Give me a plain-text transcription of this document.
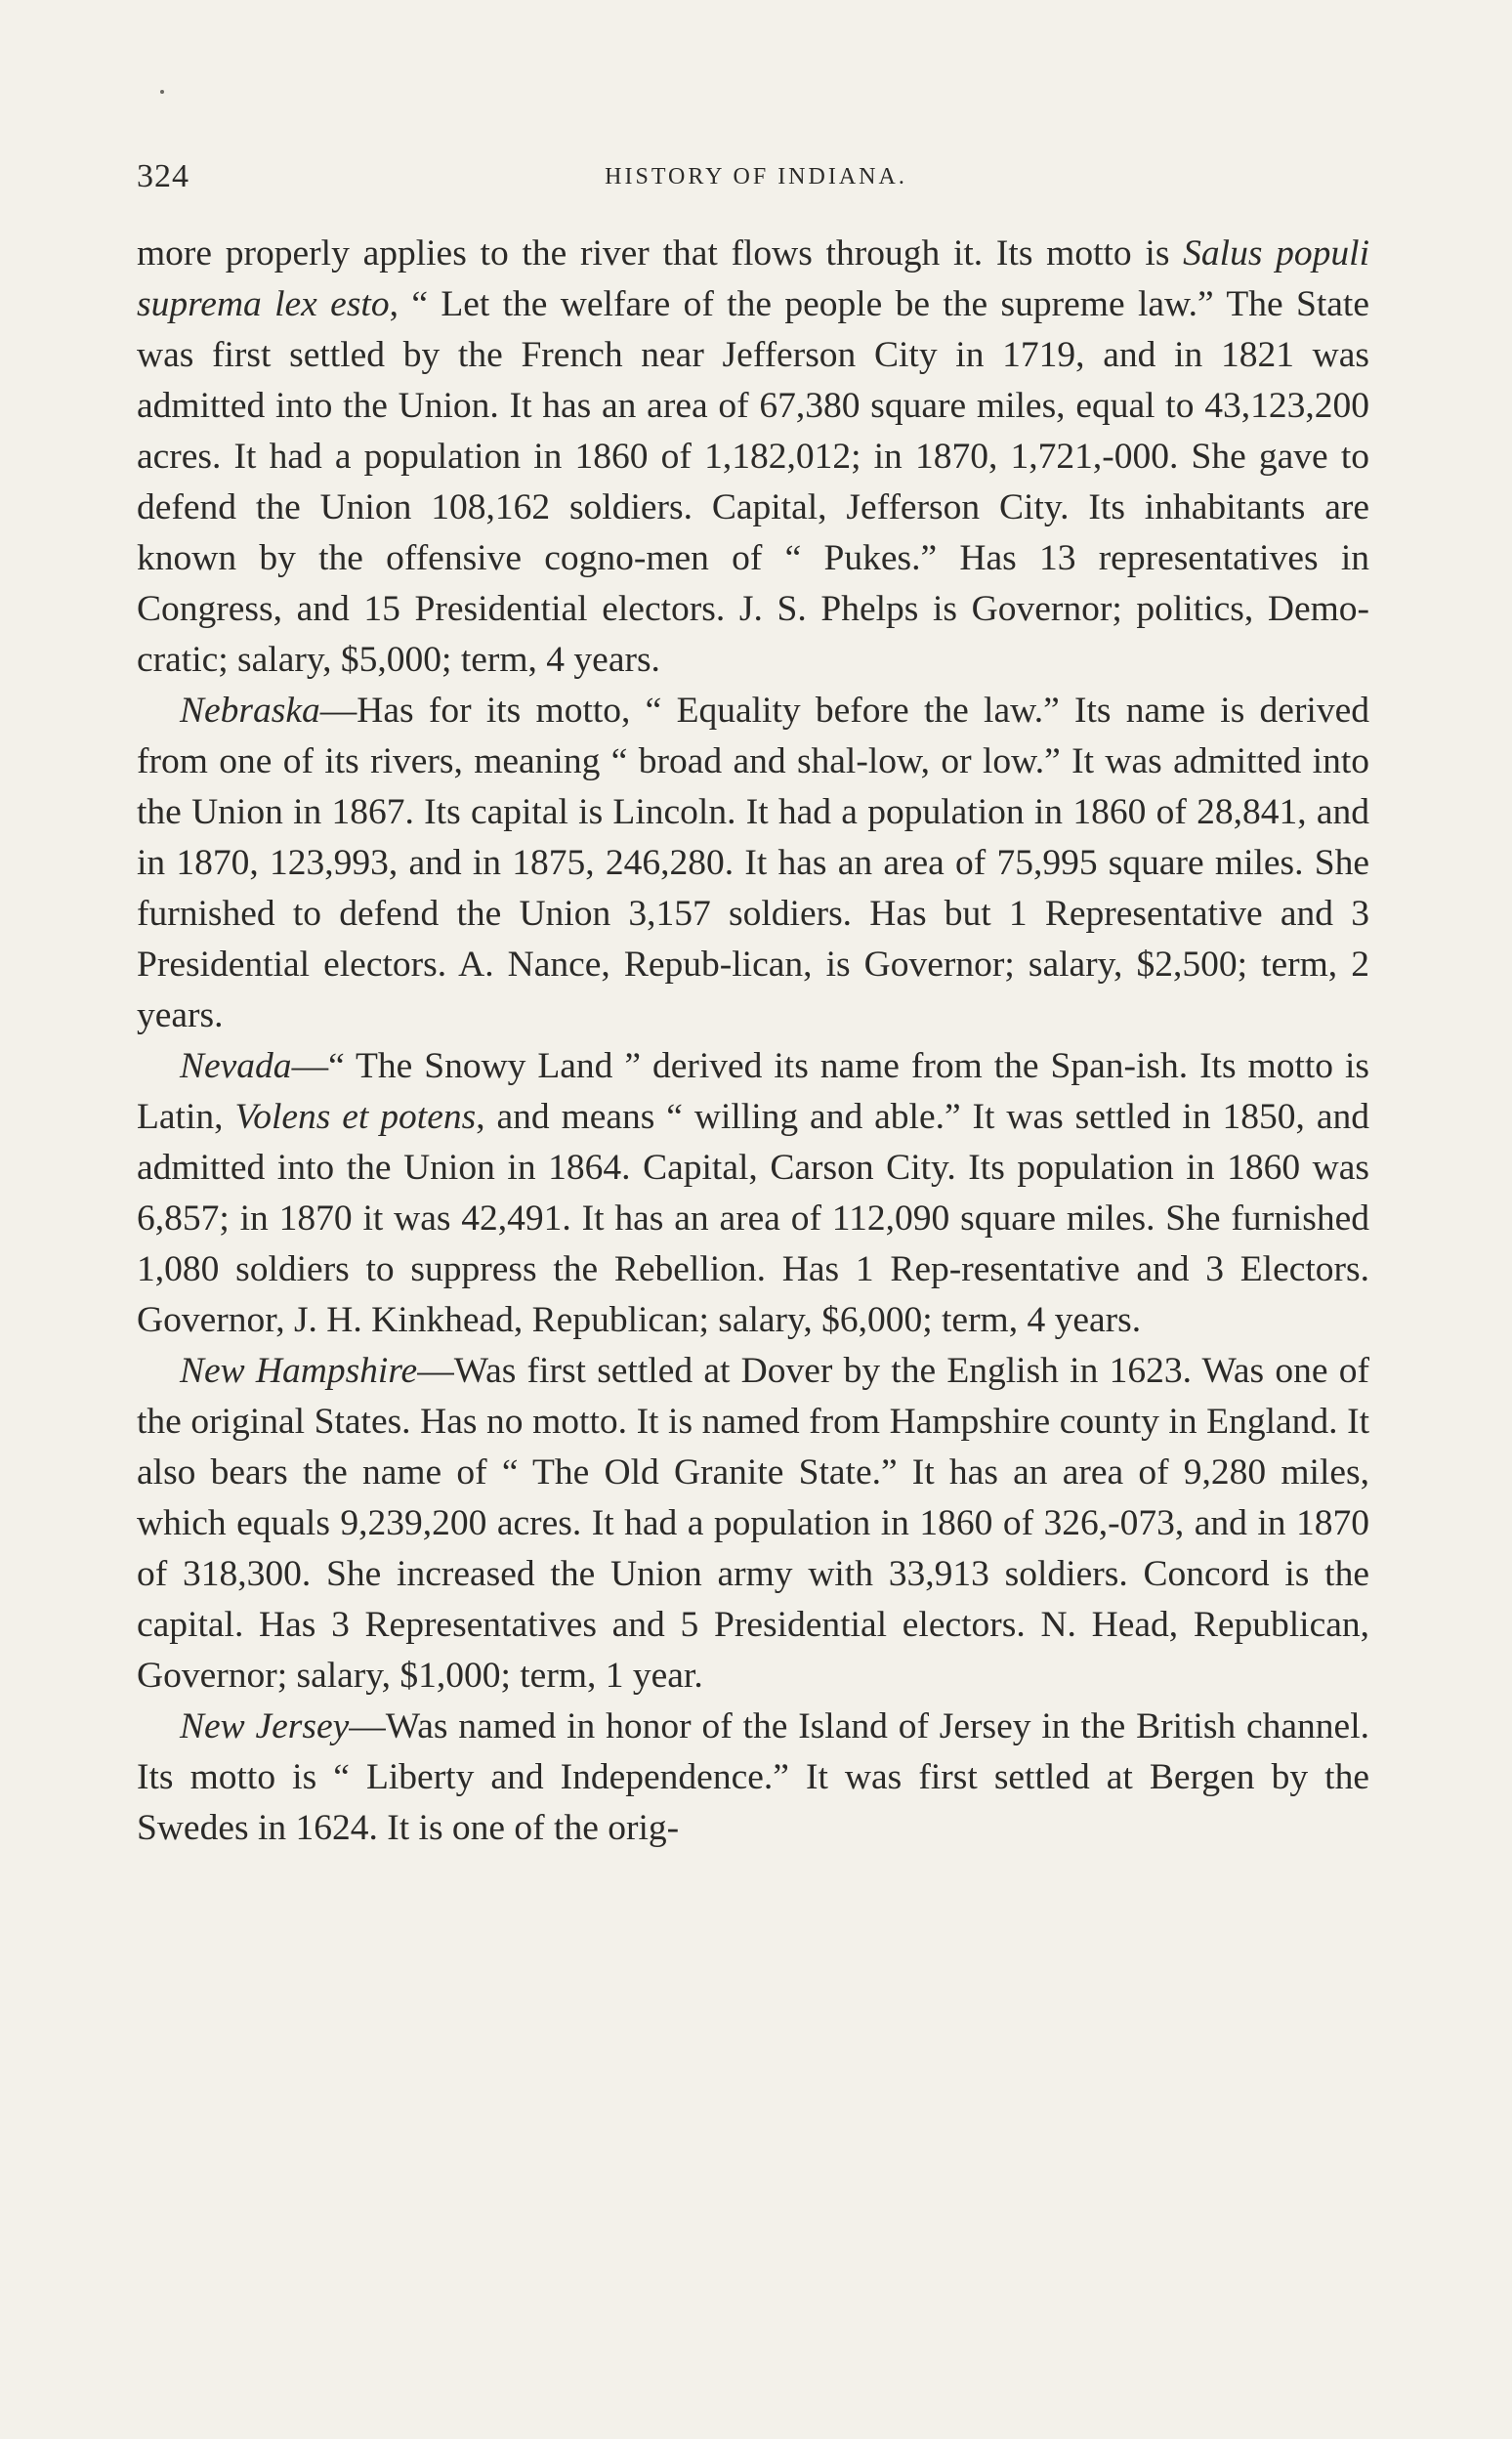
324	HISTORY OF INDIANA.

more properly applies to the river that flows through it. Its motto is Salus populi suprema lex esto, “ Let the welfare of the people be the supreme law.” The State was first settled by the French near Jefferson City in 1719, and in 1821 was admitted into the Union. It has an area of 67,380 square miles, equal to 43,123,200 acres. It had a population in 1860 of 1,182,012; in 1870, 1,721,-000. She gave to defend the Union 108,162 soldiers. Capital, Jefferson City. Its inhabitants are known by the offensive cogno-men of “ Pukes.” Has 13 representatives in Congress, and 15 Presidential electors. J. S. Phelps is Governor; politics, Demo-cratic; salary, $5,000; term, 4 years.

Nebraska—Has for its motto, “ Equality before the law.” Its name is derived from one of its rivers, meaning “ broad and shal-low, or low.” It was admitted into the Union in 1867. Its capital is Lincoln. It had a population in 1860 of 28,841, and in 1870, 123,993, and in 1875, 246,280. It has an area of 75,995 square miles. She furnished to defend the Union 3,157 soldiers. Has but 1 Representative and 3 Presidential electors. A. Nance, Repub-lican, is Governor; salary, $2,500; term, 2 years.

Nevada—“ The Snowy Land ” derived its name from the Span-ish. Its motto is Latin, Volens et potens, and means “ willing and able.” It was settled in 1850, and admitted into the Union in 1864. Capital, Carson City. Its population in 1860 was 6,857; in 1870 it was 42,491. It has an area of 112,090 square miles. She furnished 1,080 soldiers to suppress the Rebellion. Has 1 Rep-resentative and 3 Electors. Governor, J. H. Kinkhead, Republican; salary, $6,000; term, 4 years.

New Hampshire—Was first settled at Dover by the English in 1623. Was one of the original States. Has no motto. It is named from Hampshire county in England. It also bears the name of “ The Old Granite State.” It has an area of 9,280 miles, which equals 9,239,200 acres. It had a population in 1860 of 326,-073, and in 1870 of 318,300. She increased the Union army with 33,913 soldiers. Concord is the capital. Has 3 Representatives and 5 Presidential electors. N. Head, Republican, Governor; salary, $1,000; term, 1 year.

New Jersey—Was named in honor of the Island of Jersey in the British channel. Its motto is “ Liberty and Independence.” It was first settled at Bergen by the Swedes in 1624. It is one of the orig-
